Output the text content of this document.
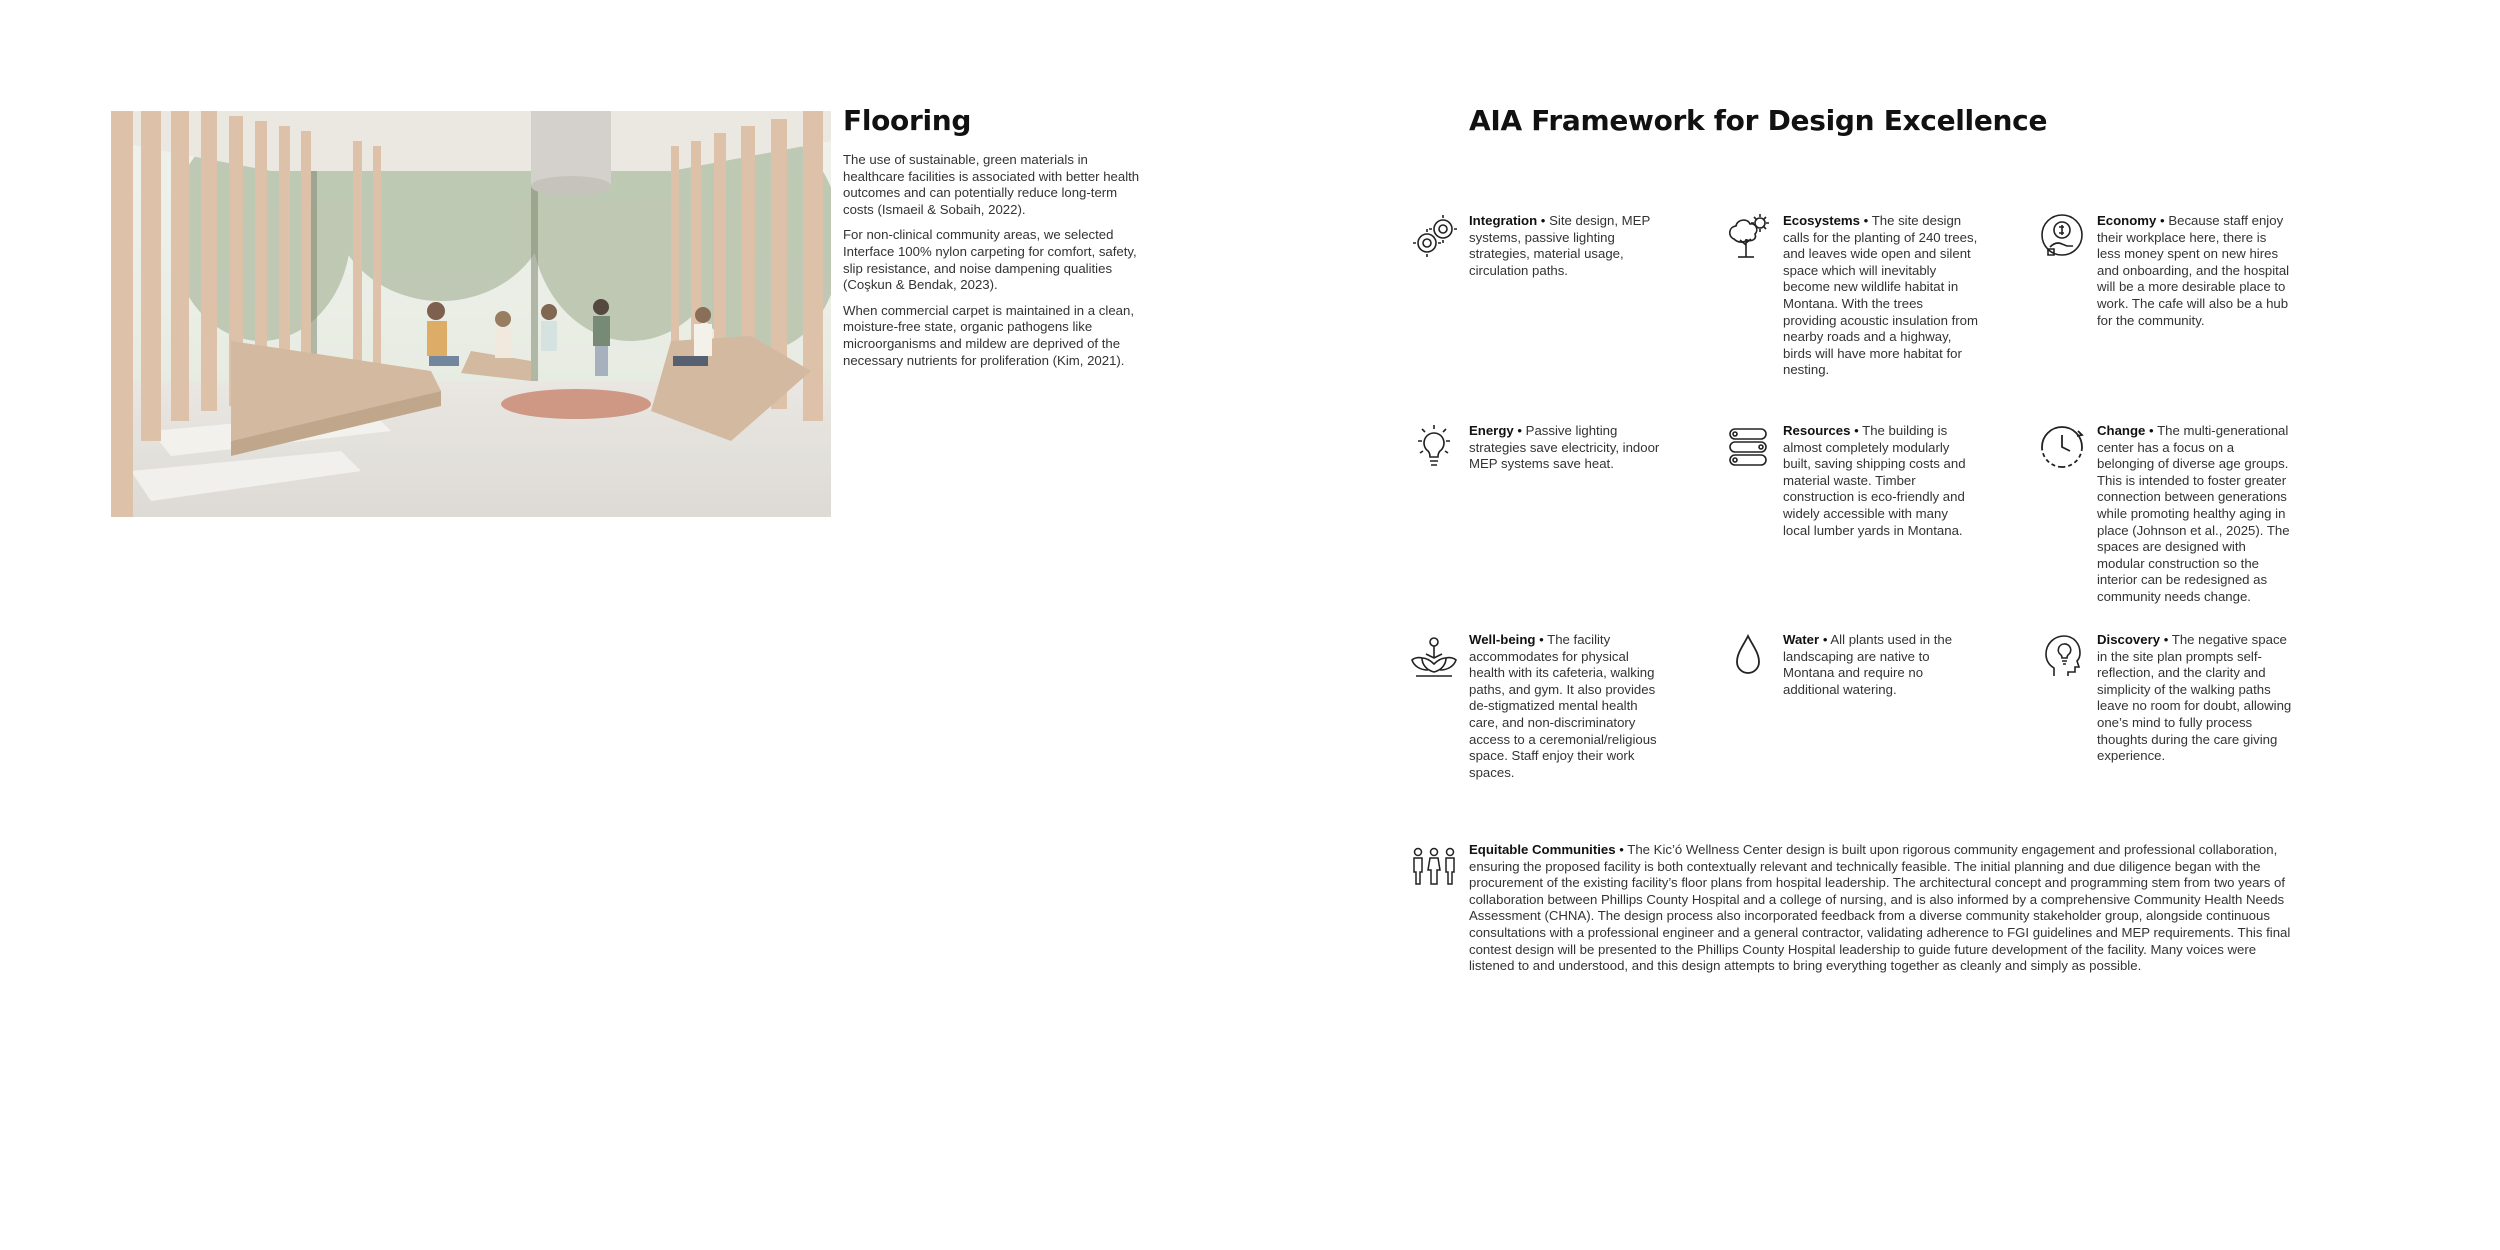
Flooring

The use of sustainable, green materials in healthcare facilities is associated with better health outcomes and can potentially reduce long-term costs (Ismaeil & Sobaih, 2022).

For non-clinical community areas, we selected Interface 100% nylon carpeting for comfort, safety, slip resistance, and noise dampening qualities (Coşkun & Bendak, 2023).

When commercial carpet is maintained in a clean, moisture-free state, organic pathogens like microorganisms and mildew are deprived of the necessary nutrients for proliferation (Kim, 2021).

AIA Framework for Design Excellence
Integration • Site design, MEP systems, passive lighting strategies, material usage, circulation paths.
Ecosystems • The site design calls for the planting of 240 trees, and leaves wide open and silent space which will inevitably become new wildlife habitat in Montana. With the trees providing acoustic insulation from nearby roads and a highway, birds will have more habitat for nesting.
Economy • Because staff enjoy their workplace here, there is less money spent on new hires and onboarding, and the hospital will be a more desirable place to work. The cafe will also be a hub for the community.
Energy • Passive lighting strategies save electricity, indoor MEP systems save heat.
Resources • The building is almost completely modularly built, saving shipping costs and material waste. Timber construction is eco-friendly and widely accessible with many local lumber yards in Montana.
Change • The multi-generational center has a focus on a belonging of diverse age groups. This is intended to foster greater connection between generations while promoting healthy aging in place (Johnson et al., 2025). The spaces are designed with modular construction so the interior can be redesigned as community needs change.
Well-being • The facility accommodates for physical health with its cafeteria, walking paths, and gym. It also provides de-stigmatized mental health care, and non-discriminatory access to a ceremonial/religious space. Staff enjoy their work spaces.
Water • All plants used in the landscaping are native to Montana and require no additional watering.
Discovery • The negative space in the site plan prompts self-reflection, and the clarity and simplicity of the walking paths leave no room for doubt, allowing one’s mind to fully process thoughts during the care giving experience.
Equitable Communities • The Kic’ó Wellness Center design is built upon rigorous community engagement and professional collaboration, ensuring the proposed facility is both contextually relevant and technically feasible. The initial planning and due diligence began with the procurement of the existing facility’s floor plans from hospital leadership. The architectural concept and programming stem from two years of collaboration between Phillips County Hospital and a college of nursing, and is also informed by a comprehensive Community Health Needs Assessment (CHNA). The design process also incorporated feedback from a diverse community stakeholder group, alongside continuous consultations with a professional engineer and a general contractor, validating adherence to FGI guidelines and MEP requirements. This final contest design will be presented to the Phillips County Hospital leadership to guide future development of the facility. Many voices were listened to and understood, and this design attempts to bring everything together as cleanly and simply as possible.
